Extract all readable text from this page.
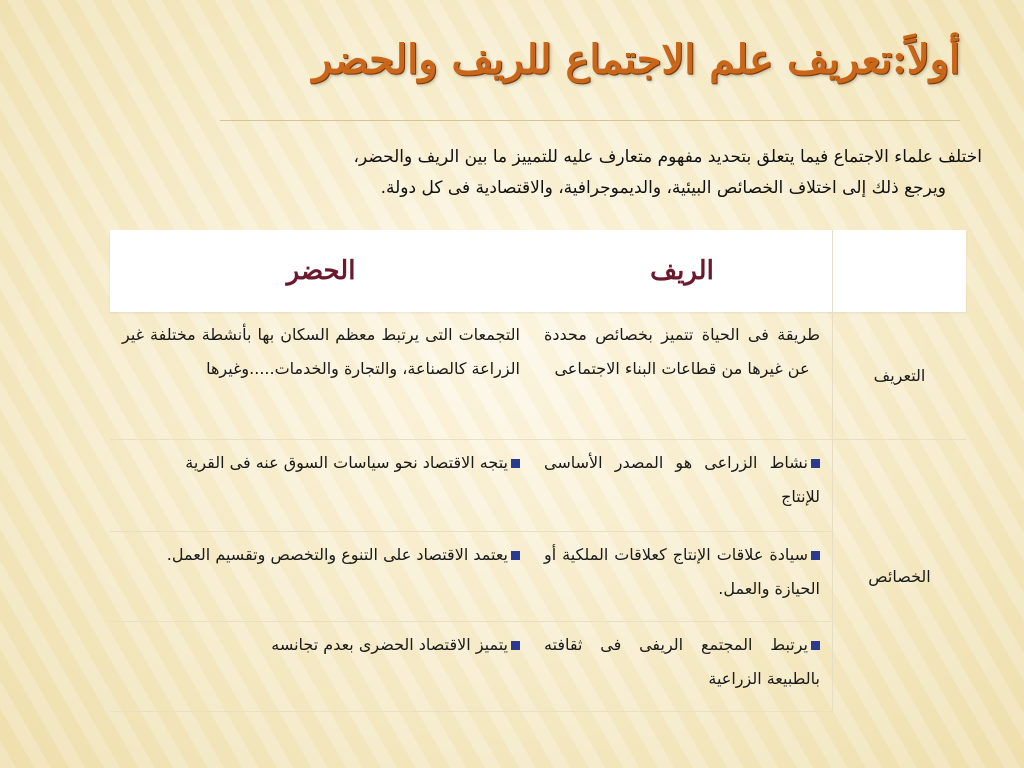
أولاً:تعريف علم الاجتماع للريف والحضر
اختلف علماء الاجتماع فيما يتعلق بتحديد مفهوم متعارف عليه للتمييز ما بين الريف والحضر،
ويرجع ذلك إلى اختلاف الخصائص البيئية، والديموجرافية، والاقتصادية فى كل دولة.
الريف
الحضر
التعريف
طريقة فى الحياة تتميز بخصائص محددة عن غيرها من قطاعات البناء الاجتماعى
التجمعات التى يرتبط معظم السكان بها بأنشطة مختلفة غير الزراعة كالصناعة، والتجارة والخدمات.....وغيرها
الخصائص
نشاط الزراعى هو المصدر الأساسى للإنتاج
يتجه الاقتصاد نحو سياسات السوق عنه فى القرية
سيادة علاقات الإنتاج كعلاقات الملكية أو الحيازة والعمل.
يعتمد الاقتصاد على التنوع والتخصص وتقسيم العمل.
يرتبط المجتمع الريفى فى ثقافته بالطبيعة الزراعية
يتميز الاقتصاد الحضرى بعدم تجانسه
